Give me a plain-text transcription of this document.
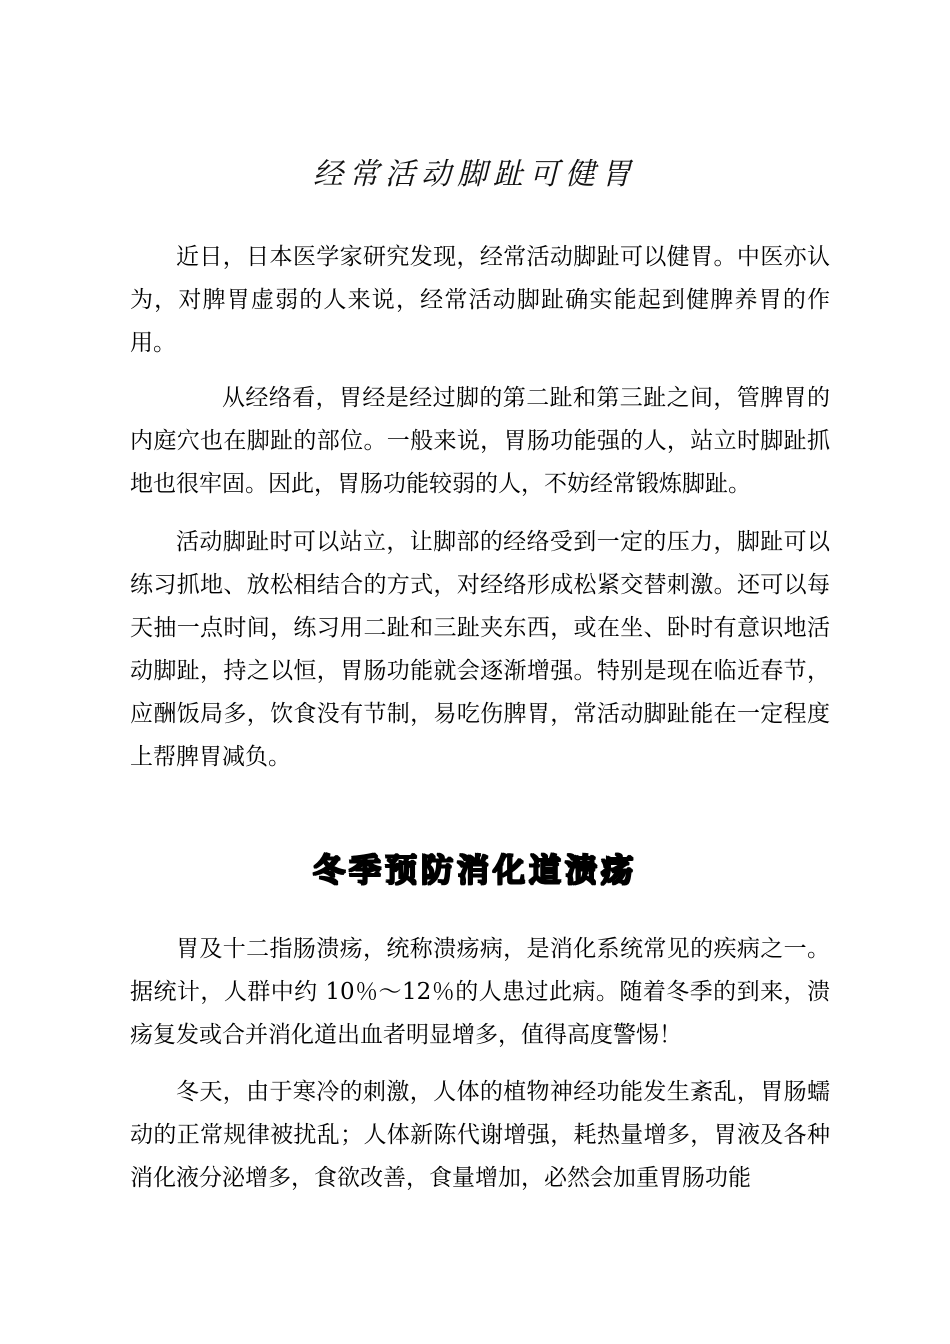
经常活动脚趾可健胃

近日，日本医学家研究发现，经常活动脚趾可以健胃。中医亦认为，对脾胃虚弱的人来说，经常活动脚趾确实能起到健脾养胃的作用。

从经络看，胃经是经过脚的第二趾和第三趾之间，管脾胃的内庭穴也在脚趾的部位。一般来说，胃肠功能强的人，站立时脚趾抓地也很牢固。因此，胃肠功能较弱的人，不妨经常锻炼脚趾。

活动脚趾时可以站立，让脚部的经络受到一定的压力，脚趾可以练习抓地、放松相结合的方式，对经络形成松紧交替刺激。还可以每天抽一点时间，练习用二趾和三趾夹东西，或在坐、卧时有意识地活动脚趾，持之以恒，胃肠功能就会逐渐增强。特别是现在临近春节，应酬饭局多，饮食没有节制，易吃伤脾胃，常活动脚趾能在一定程度上帮脾胃减负。

冬季预防消化道溃疡

胃及十二指肠溃疡，统称溃疡病，是消化系统常见的疾病之一。据统计，人群中约 10％～12％的人患过此病。随着冬季的到来，溃疡复发或合并消化道出血者明显增多，值得高度警惕！

冬天，由于寒冷的刺激，人体的植物神经功能发生紊乱，胃肠蠕动的正常规律被扰乱；人体新陈代谢增强，耗热量增多，胃液及各种消化液分泌增多，食欲改善，食量增加，必然会加重胃肠功能
